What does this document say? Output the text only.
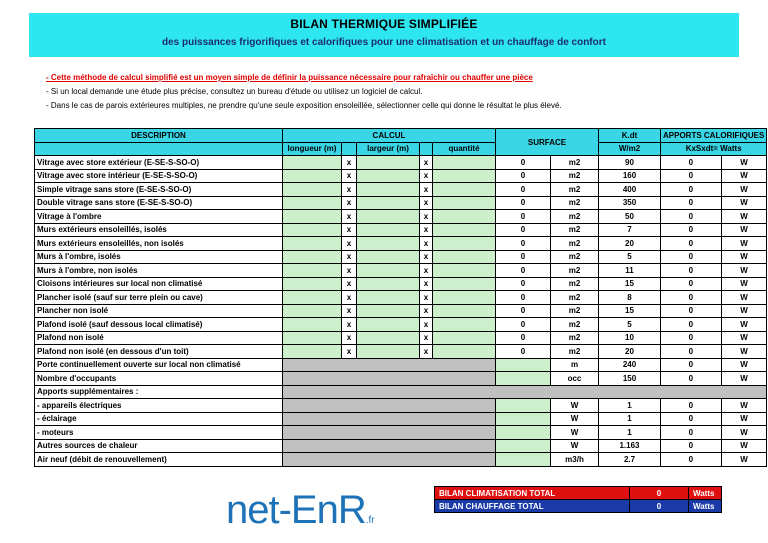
BILAN THERMIQUE SIMPLIFIÉE
des puissances frigorifiques et calorifiques pour une climatisation et un chauffage de confort
- Cette méthode de calcul simplifié est un moyen simple de définir la puissance nécessaire pour rafraîchir ou chauffer une pièce
- Si un local demande une étude plus précise, consultez un bureau d'étude ou utilisez un logiciel de calcul.
- Dans le cas de parois extérieures multiples, ne prendre qu'une seule exposition ensoleillée, sélectionner celle qui donne le résultat le plus élevé.
DESCRIPTION	CALCUL					SURFACE		K.dt	APPORTS CALORIFIQUES	
	longueur (m)		largeur (m)		quantité			W/m2	KxSxdt= Watts	
Vitrage avec store extérieur (E-SE-S-SO-O)		x		x		0	m2	90	0	W
Vitrage avec store intérieur (E-SE-S-SO-O)		x		x		0	m2	160	0	W
Simple vitrage sans store (E-SE-S-SO-O)		x		x		0	m2	400	0	W
Double vitrage sans store (E-SE-S-SO-O)		x		x		0	m2	350	0	W
Vitrage à l'ombre		x		x		0	m2	50	0	W
Murs extérieurs ensoleillés, isolés		x		x		0	m2	7	0	W
Murs extérieurs ensoleillés, non isolés		x		x		0	m2	20	0	W
Murs à l'ombre, isolés		x		x		0	m2	5	0	W
Murs à l'ombre, non isolés		x		x		0	m2	11	0	W
Cloisons intérieures sur local non climatisé		x		x		0	m2	15	0	W
Plancher isolé (sauf sur terre plein ou cave)		x		x		0	m2	8	0	W
Plancher non isolé		x		x		0	m2	15	0	W
Plafond isolé (sauf dessous local climatisé)		x		x		0	m2	5	0	W
Plafond non isolé		x		x		0	m2	10	0	W
Plafond non isolé (en dessous d'un toit)		x		x		0	m2	20	0	W
Porte continuellement ouverte sur local non climatisé							m	240	0	W
Nombre d'occupants							occ	150	0	W
Apports supplémentaires :										
- appareils électriques							W	1	0	W
- éclairage							W	1	0	W
- moteurs							W	1	0	W
Autres sources de chaleur							W	1.163	0	W
Air neuf (débit de renouvellement)							m3/h	2.7	0	W
net-EnR.fr
BILAN CLIMATISATION TOTAL	0	Watts
BILAN CHAUFFAGE TOTAL	0	Watts
